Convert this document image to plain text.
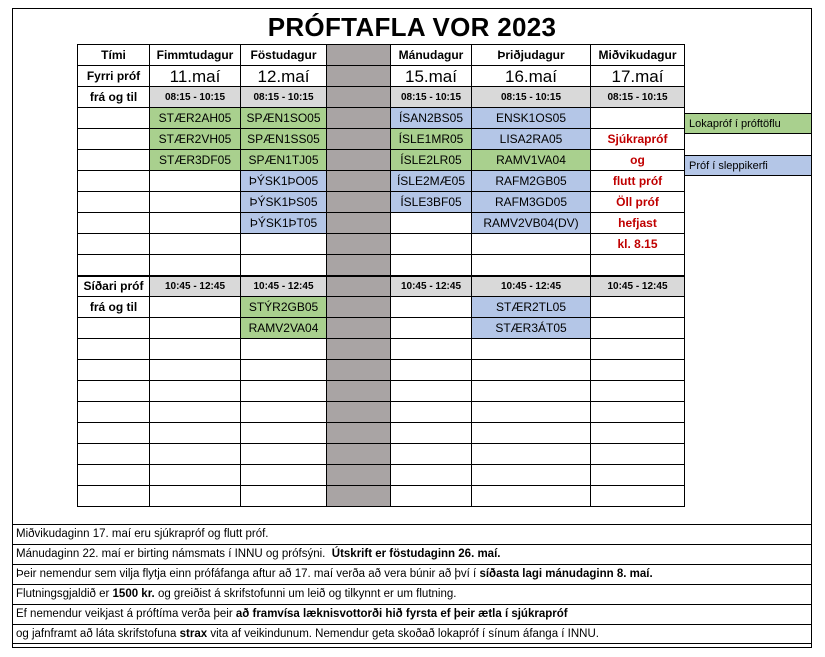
PRÓFTAFLA VOR 2023
Tími	Fimmtudagur	Föstudagur		Mánudagur	Þriðjudagur	Miðvikudagur
Fyrri próf	11.maí	12.maí		15.maí	16.maí	17.maí
frá og til	08:15 - 10:15	08:15 - 10:15		08:15 - 10:15	08:15 - 10:15	08:15 - 10:15
	STÆR2AH05	SPÆN1SO05		ÍSAN2BS05	ENSK1OS05	
	STÆR2VH05	SPÆN1SS05		ÍSLE1MR05	LISA2RA05	Sjúkrapróf
	STÆR3DF05	SPÆN1TJ05		ÍSLE2LR05	RAMV1VA04	og
		ÞÝSK1ÞO05		ÍSLE2MÆ05	RAFM2GB05	flutt próf
		ÞÝSK1ÞS05		ÍSLE3BF05	RAFM3GD05	Öll próf
		ÞÝSK1ÞT05			RAMV2VB04(DV)	hefjast
						kl. 8.15

Síðari próf	10:45 - 12:45	10:45 - 12:45		10:45 - 12:45	10:45 - 12:45	10:45 - 12:45
frá og til		STÝR2GB05			STÆR2TL05	
		RAMV2VA04			STÆR3ÁT05	

Lokapróf í próftöflu
Próf í sleppikerfi
Miðvikudaginn 17. maí eru sjúkrapróf og flutt próf.
Mánudaginn 22. maí er birting námsmats í INNU og prófsýni. Útskrift er föstudaginn 26. maí.
Þeir nemendur sem vilja flytja einn prófáfanga aftur að 17. maí verða að vera búnir að því í síðasta lagi mánudaginn 8. maí.
Flutningsgjaldið er 1500 kr. og greiðist á skrifstofunni um leið og tilkynnt er um flutning.
Ef nemendur veikjast á próftíma verða þeir að framvísa læknisvottorði hið fyrsta ef þeir ætla í sjúkrapróf
og jafnframt að láta skrifstofuna strax vita af veikindunum. Nemendur geta skoðað lokapróf í sínum áfanga í INNU.
